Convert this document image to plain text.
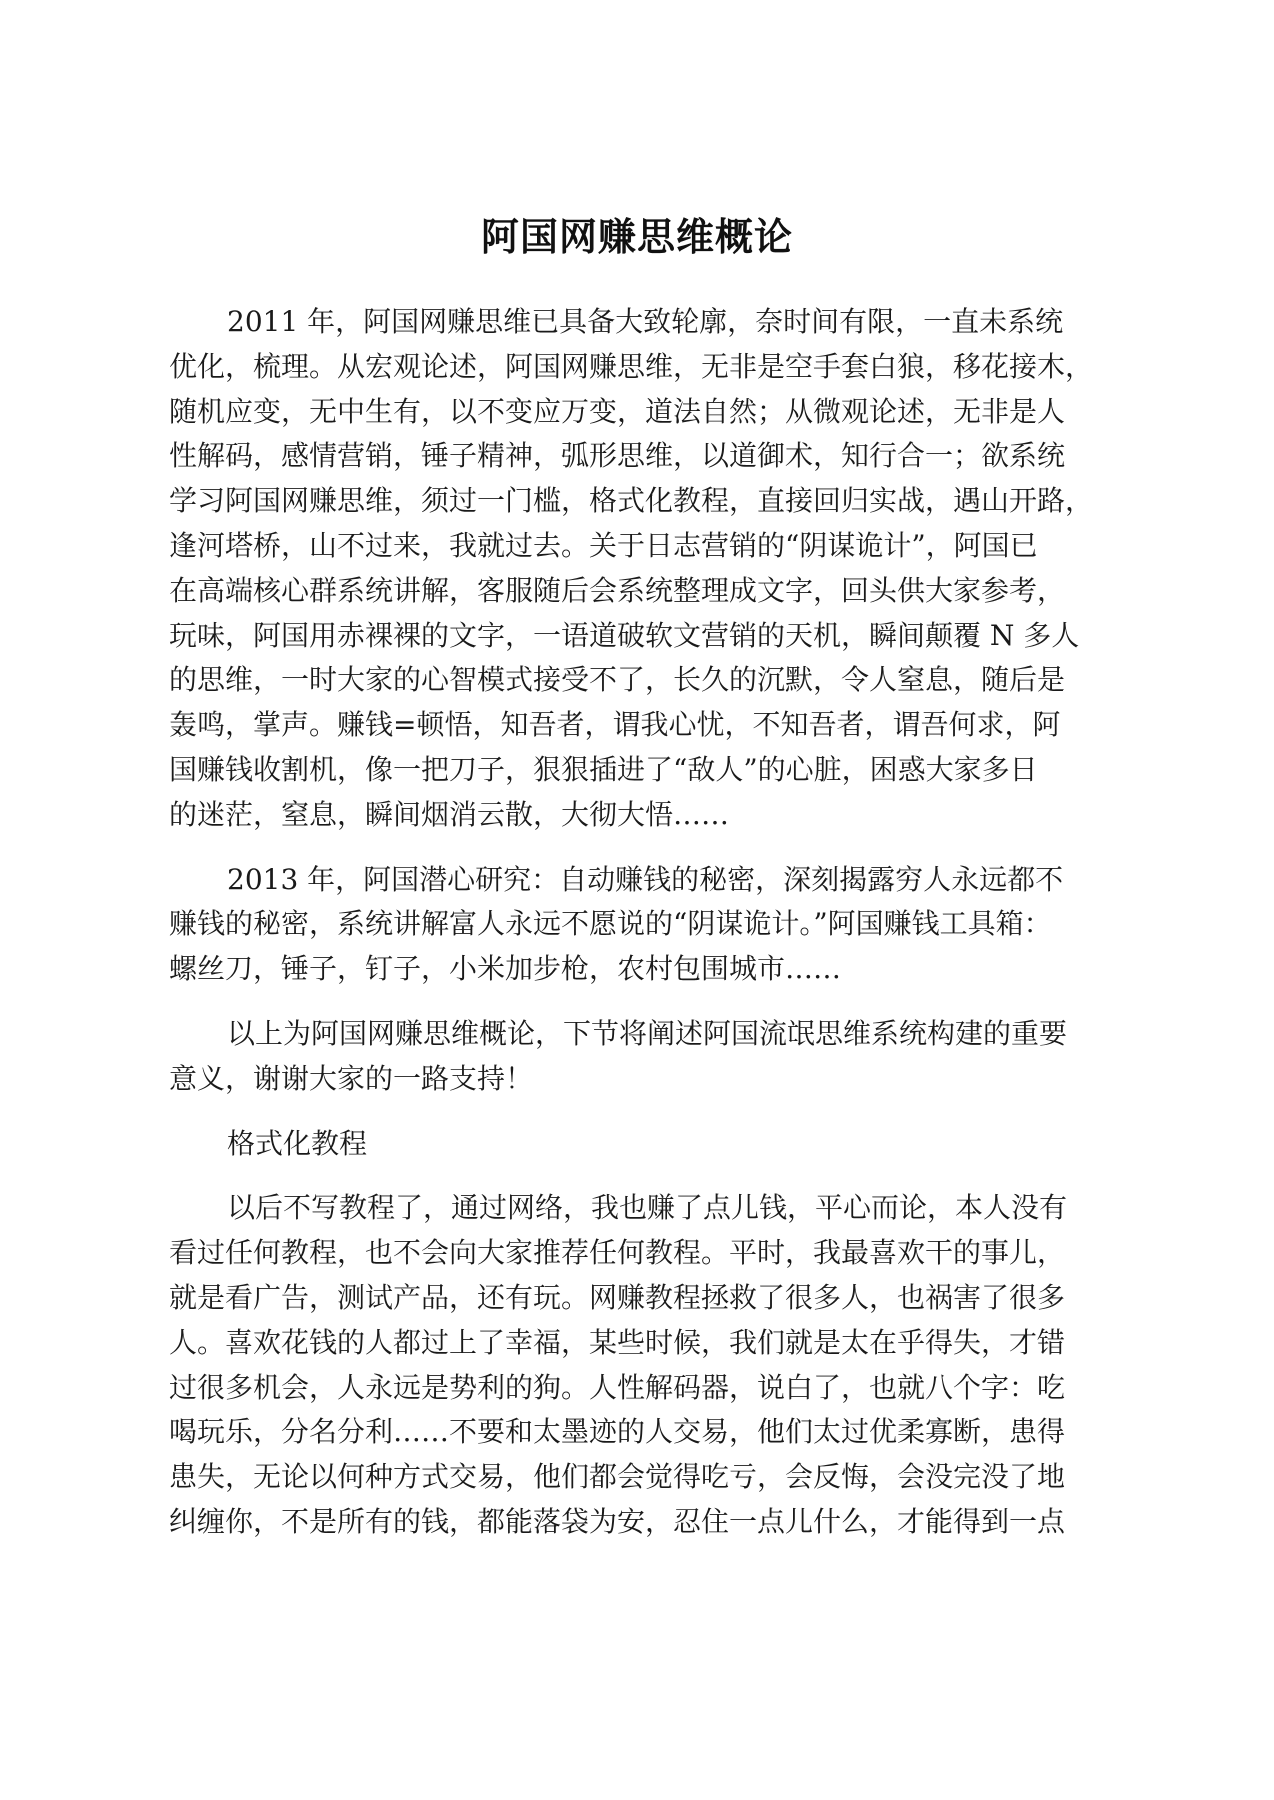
阿国网赚思维概论
2011 年，阿国网赚思维已具备大致轮廓，奈时间有限，一直未系统
优化，梳理。从宏观论述，阿国网赚思维，无非是空手套白狼，移花接木，
随机应变，无中生有，以不变应万变，道法自然；从微观论述，无非是人
性解码，感情营销，锤子精神，弧形思维，以道御术，知行合一；欲系统
学习阿国网赚思维，须过一门槛，格式化教程，直接回归实战，遇山开路，
逢河塔桥，山不过来，我就过去。关于日志营销的“阴谋诡计”，阿国已
在高端核心群系统讲解，客服随后会系统整理成文字，回头供大家参考，
玩味，阿国用赤裸裸的文字，一语道破软文营销的天机，瞬间颠覆 N 多人
的思维，一时大家的心智模式接受不了，长久的沉默，令人窒息，随后是
轰鸣，掌声。赚钱=顿悟，知吾者，谓我心忧，不知吾者，谓吾何求，阿
国赚钱收割机，像一把刀子，狠狠插进了“敌人”的心脏，困惑大家多日
的迷茫，窒息，瞬间烟消云散，大彻大悟……
2013 年，阿国潜心研究：自动赚钱的秘密，深刻揭露穷人永远都不
赚钱的秘密，系统讲解富人永远不愿说的“阴谋诡计。”阿国赚钱工具箱：
螺丝刀，锤子，钉子，小米加步枪，农村包围城市……
以上为阿国网赚思维概论，下节将阐述阿国流氓思维系统构建的重要
意义，谢谢大家的一路支持！
格式化教程
以后不写教程了，通过网络，我也赚了点儿钱，平心而论，本人没有
看过任何教程，也不会向大家推荐任何教程。平时，我最喜欢干的事儿，
就是看广告，测试产品，还有玩。网赚教程拯救了很多人，也祸害了很多
人。喜欢花钱的人都过上了幸福，某些时候，我们就是太在乎得失，才错
过很多机会，人永远是势利的狗。人性解码器，说白了，也就八个字：吃
喝玩乐，分名分利……不要和太墨迹的人交易，他们太过优柔寡断，患得
患失，无论以何种方式交易，他们都会觉得吃亏，会反悔，会没完没了地
纠缠你，不是所有的钱，都能落袋为安，忍住一点儿什么，才能得到一点
